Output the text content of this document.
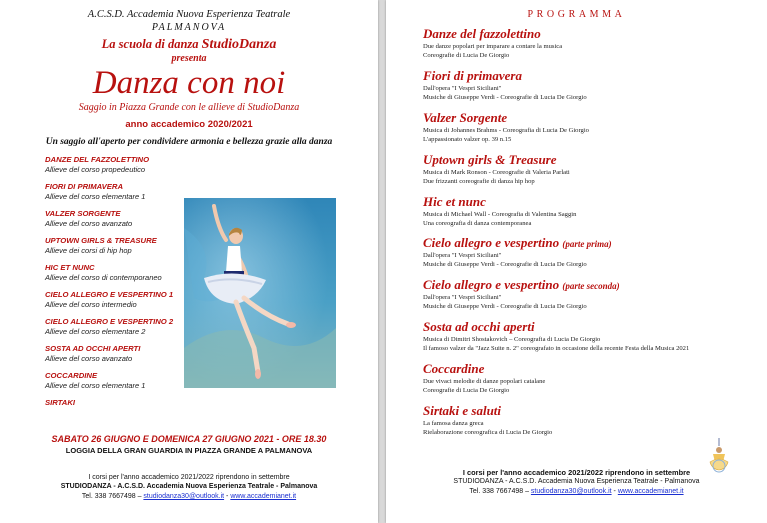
A.C.S.D. Accademia Nuova Esperienza Teatrale
PALMANOVA
La scuola di danza StudioDanza
presenta
Danza con noi
Saggio in Piazza Grande con le allieve di StudioDanza
anno accademico 2020/2021
Un saggio all'aperto per condividere armonia e bellezza grazie alla danza
DANZE DEL FAZZOLETTINO
Allieve del corso propedeutico
FIORI DI PRIMAVERA
Allieve del corso elementare 1
VALZER SORGENTE
Allieve del corso avanzato
UPTOWN GIRLS & TREASURE
Allieve dei corsi di hip hop
HIC ET NUNC
Allieve del corso di contemporaneo
CIELO ALLEGRO E VESPERTINO 1
Allieve del corso intermedio
CIELO ALLEGRO E VESPERTINO 2
Allieve del corso elementare 2
SOSTA AD OCCHI APERTI
Allieve del corso avanzato
COCCARDINE
Allieve del corso elementare 1
SIRTAKI
SABATO 26 GIUGNO E DOMENICA 27 GIUGNO 2021 - ORE 18.30
LOGGIA DELLA GRAN GUARDIA IN PIAZZA GRANDE A PALMANOVA
I corsi per l'anno accademico 2021/2022 riprendono in settembre
STUDIODANZA - A.C.S.D. Accademia Nuova Esperienza Teatrale - Palmanova
Tel. 338 7667498 – studiodanza30@outlook.it - www.accademianet.it
PROGRAMMA
Danze del fazzolettino
Due danze popolari per imparare a contare la musica
Coreografie di Lucia De Giorgio
Fiori di primavera
Dall'opera "I Vespri Siciliani"
Musiche di Giuseppe Verdi - Coreografie di Lucia De Giorgio
Valzer Sorgente
Musica di Johannes Brahms - Coreografia di Lucia De Giorgio
L'appassionato valzer op. 39 n.15
Uptown girls & Treasure
Musica di Mark Ronson - Coreografie di Valeria Parlati
Due frizzanti coreografie di danza hip hop
Hic et nunc
Musica di Michael Wall - Coreografia di Valentina Saggin
Una coreografia di danza contemporanea
Cielo allegro e vespertino (parte prima)
Dall'opera "I Vespri Siciliani"
Musiche di Giuseppe Verdi - Coreografie di Lucia De Giorgio
Cielo allegro e vespertino (parte seconda)
Dall'opera "I Vespri Siciliani"
Musiche di Giuseppe Verdi - Coreografie di Lucia De Giorgio
Sosta ad occhi aperti
Musica di Dimitri Shostakovich – Coreografia di Lucia De Giorgio
Il famoso valzer da "Jazz Suite n. 2" coreografato in occasione della recente Festa della Musica 2021
Coccardine
Due vivaci melodie di danze popolari catalane
Coreografie di Lucia De Giorgio
Sirtaki e saluti
La famosa danza greca
Rielaborazione coreografica di Lucia De Giorgio
I corsi per l'anno accademico 2021/2022 riprendono in settembre
STUDIODANZA - A.C.S.D. Accademia Nuova Esperienza Teatrale - Palmanova
Tel. 338 7667498 – studiodanza30@outlook.it - www.accademianet.it
